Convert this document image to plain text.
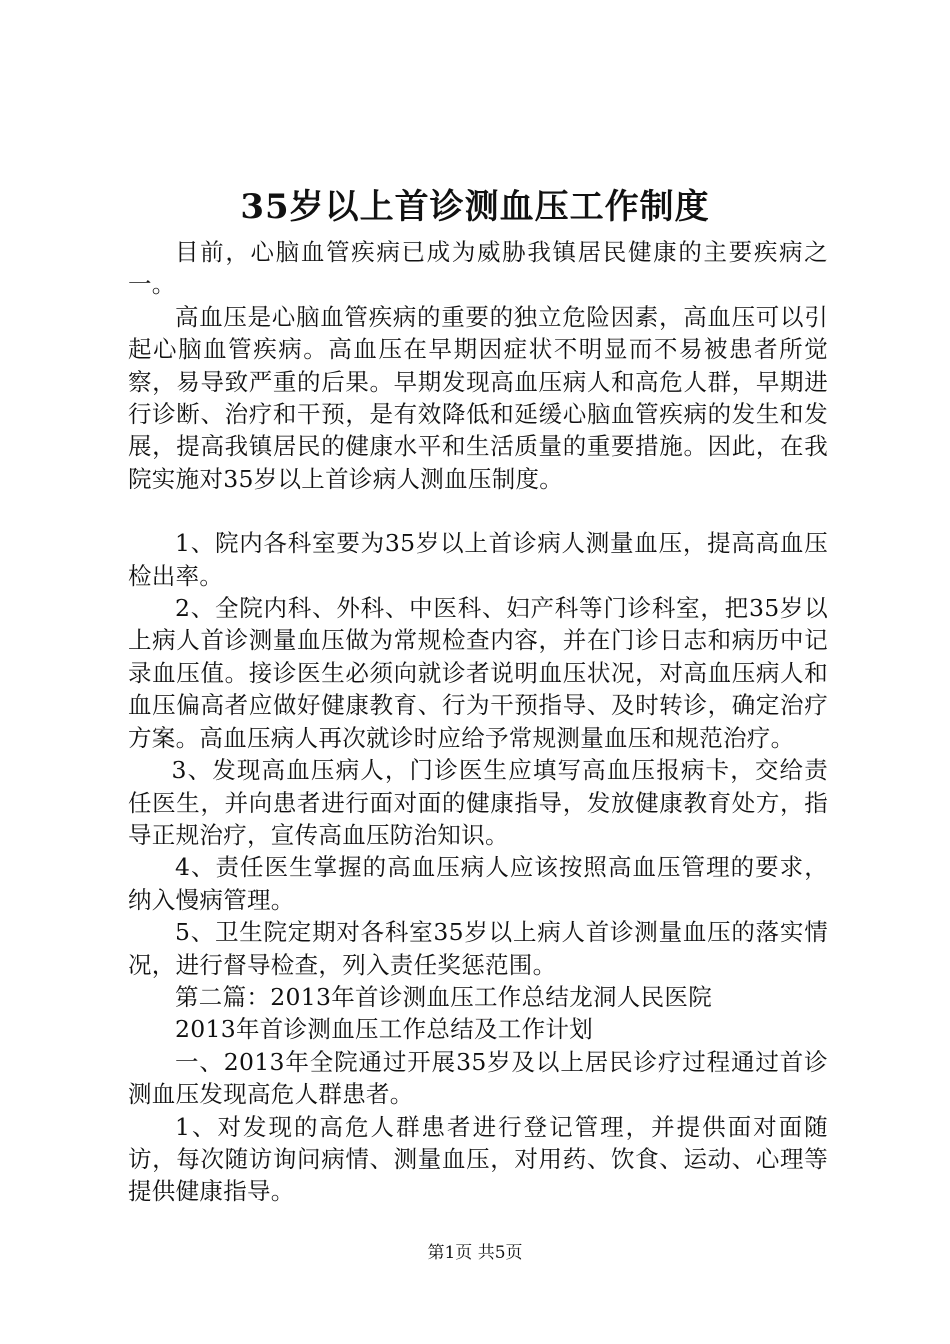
35岁以上首诊测血压工作制度

目前，心脑血管疾病已成为威胁我镇居民健康的主要疾病之一。

高血压是心脑血管疾病的重要的独立危险因素，高血压可以引起心脑血管疾病。高血压在早期因症状不明显而不易被患者所觉察，易导致严重的后果。早期发现高血压病人和高危人群，早期进行诊断、治疗和干预，是有效降低和延缓心脑血管疾病的发生和发展，提高我镇居民的健康水平和生活质量的重要措施。因此，在我院实施对35岁以上首诊病人测血压制度。

1、院内各科室要为35岁以上首诊病人测量血压，提高高血压检出率。

2、全院内科、外科、中医科、妇产科等门诊科室，把35岁以上病人首诊测量血压做为常规检查内容，并在门诊日志和病历中记录血压值。接诊医生必须向就诊者说明血压状况，对高血压病人和血压偏高者应做好健康教育、行为干预指导、及时转诊，确定治疗方案。高血压病人再次就诊时应给予常规测量血压和规范治疗。

3、发现高血压病人，门诊医生应填写高血压报病卡，交给责任医生，并向患者进行面对面的健康指导，发放健康教育处方，指导正规治疗，宣传高血压防治知识。

4、责任医生掌握的高血压病人应该按照高血压管理的要求，纳入慢病管理。

5、卫生院定期对各科室35岁以上病人首诊测量血压的落实情况，进行督导检查，列入责任奖惩范围。

第二篇：2013年首诊测血压工作总结龙洞人民医院

2013年首诊测血压工作总结及工作计划

一、2013年全院通过开展35岁及以上居民诊疗过程通过首诊测血压发现高危人群患者。

1、对发现的高危人群患者进行登记管理，并提供面对面随访，每次随访询问病情、测量血压，对用药、饮食、运动、心理等提供健康指导。

第1页 共5页
